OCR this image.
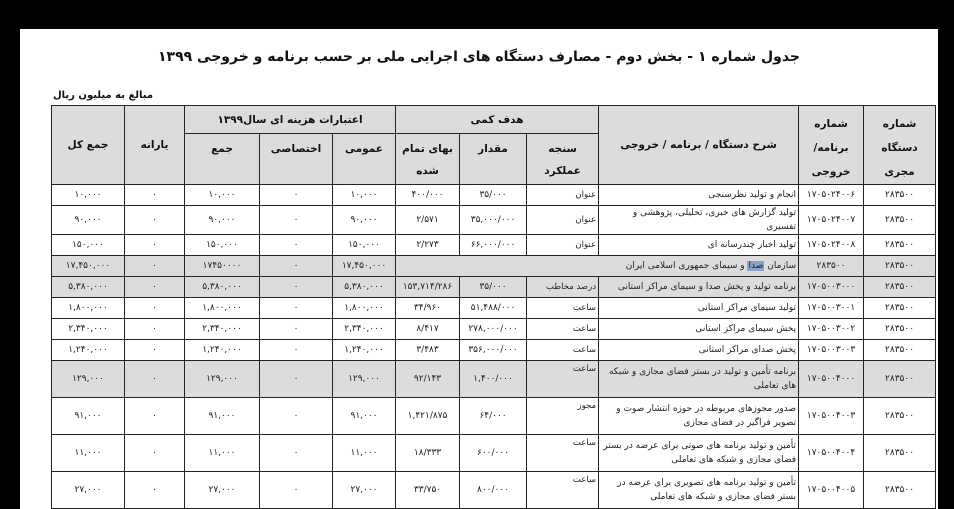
جدول شماره ۱ - بخش دوم - مصارف دستگاه های اجرایی ملی بر حسب برنامه و خروجی ۱۳۹۹
مبالغ به میلیون ریال
شماره دستگاه مجری	شماره برنامه/ خروجی	شرح دستگاه / برنامه / خروجی	هدف کمی			اعتبارات هزینه ای سال۱۳۹۹			یارانه	جمع کل
			سنجه عملکرد	مقدار	بهای تمام شده	عمومی	اختصاصی	جمع		
۲۸۳۵۰۰	۱۷۰۵۰۲۴۰۰۶	انجام و تولید نظرسنجی	عنوان	۳۵/۰۰۰	۴۰۰/۰۰۰	۱۰,۰۰۰	۰	۱۰,۰۰۰	۰	۱۰,۰۰۰
۲۸۳۵۰۰	۱۷۰۵۰۲۴۰۰۷	تولید گزارش های خبری، تحلیلی، پژوهشی و تفسیری	عنوان	۳۵,۰۰۰/۰۰۰	۲/۵۷۱	۹۰,۰۰۰	۰	۹۰,۰۰۰	۰	۹۰,۰۰۰
۲۸۳۵۰۰	۱۷۰۵۰۲۴۰۰۸	تولید اخبار چندرسانه ای	عنوان	۶۶,۰۰۰/۰۰۰	۲/۲۷۳	۱۵۰,۰۰۰	۰	۱۵۰,۰۰۰	۰	۱۵۰,۰۰۰
۲۸۳۵۰۰	۲۸۳۵۰۰	سازمان صدا و سیمای جمهوری اسلامی ایران				۱۷,۴۵۰,۰۰۰	۰	۱۷۴۵۰۰۰۰	۰	۱۷,۴۵۰,۰۰۰
۲۸۳۵۰۰	۱۷۰۵۰۰۳۰۰۰	برنامه تولید و پخش صدا و سیمای مراکز استانی	درصد مخاطب	۳۵/۰۰۰	۱۵۳,۷۱۴/۲۸۶	۵,۳۸۰,۰۰۰	۰	۵,۳۸۰,۰۰۰	۰	۵,۳۸۰,۰۰۰
۲۸۳۵۰۰	۱۷۰۵۰۰۳۰۰۱	تولید سیمای مراکز استانی	ساعت	۵۱,۴۸۸/۰۰۰	۳۴/۹۶۰	۱,۸۰۰,۰۰۰	۰	۱,۸۰۰,۰۰۰	۰	۱,۸۰۰,۰۰۰
۲۸۳۵۰۰	۱۷۰۵۰۰۳۰۰۲	پخش سیمای مراکز استانی	ساعت	۲۷۸,۰۰۰/۰۰۰	۸/۴۱۷	۲,۳۴۰,۰۰۰	۰	۲,۳۴۰,۰۰۰	۰	۲,۳۴۰,۰۰۰
۲۸۳۵۰۰	۱۷۰۵۰۰۳۰۰۳	پخش صدای مراکز استانی	ساعت	۳۵۶,۰۰۰/۰۰۰	۳/۴۸۳	۱,۲۴۰,۰۰۰	۰	۱,۲۴۰,۰۰۰	۰	۱,۲۴۰,۰۰۰
۲۸۳۵۰۰	۱۷۰۵۰۰۴۰۰۰	برنامه تأمین و تولید در بستر فضای مجازی و شبکه های تعاملی	ساعت	۱,۴۰۰/۰۰۰	۹۲/۱۴۳	۱۲۹,۰۰۰	۰	۱۲۹,۰۰۰	۰	۱۲۹,۰۰۰
۲۸۳۵۰۰	۱۷۰۵۰۰۴۰۰۳	صدور مجوزهای مربوطه در حوزه انتشار صوت و تصویر فراگیر در فضای مجازی	مجوز	۶۴/۰۰۰	۱,۴۲۱/۸۷۵	۹۱,۰۰۰	۰	۹۱,۰۰۰	۰	۹۱,۰۰۰
۲۸۳۵۰۰	۱۷۰۵۰۰۴۰۰۴	تأمین و تولید برنامه های صوتی برای عرضه در بستر فضای مجازی و شبکه های تعاملی	ساعت	۶۰۰/۰۰۰	۱۸/۳۳۳	۱۱,۰۰۰	۰	۱۱,۰۰۰	۰	۱۱,۰۰۰
۲۸۳۵۰۰	۱۷۰۵۰۰۴۰۰۵	تأمین و تولید برنامه های تصویری برای عرضه در بستر فضای مجازی و شبکه های تعاملی	ساعت	۸۰۰/۰۰۰	۳۳/۷۵۰	۲۷,۰۰۰	۰	۲۷,۰۰۰	۰	۲۷,۰۰۰
